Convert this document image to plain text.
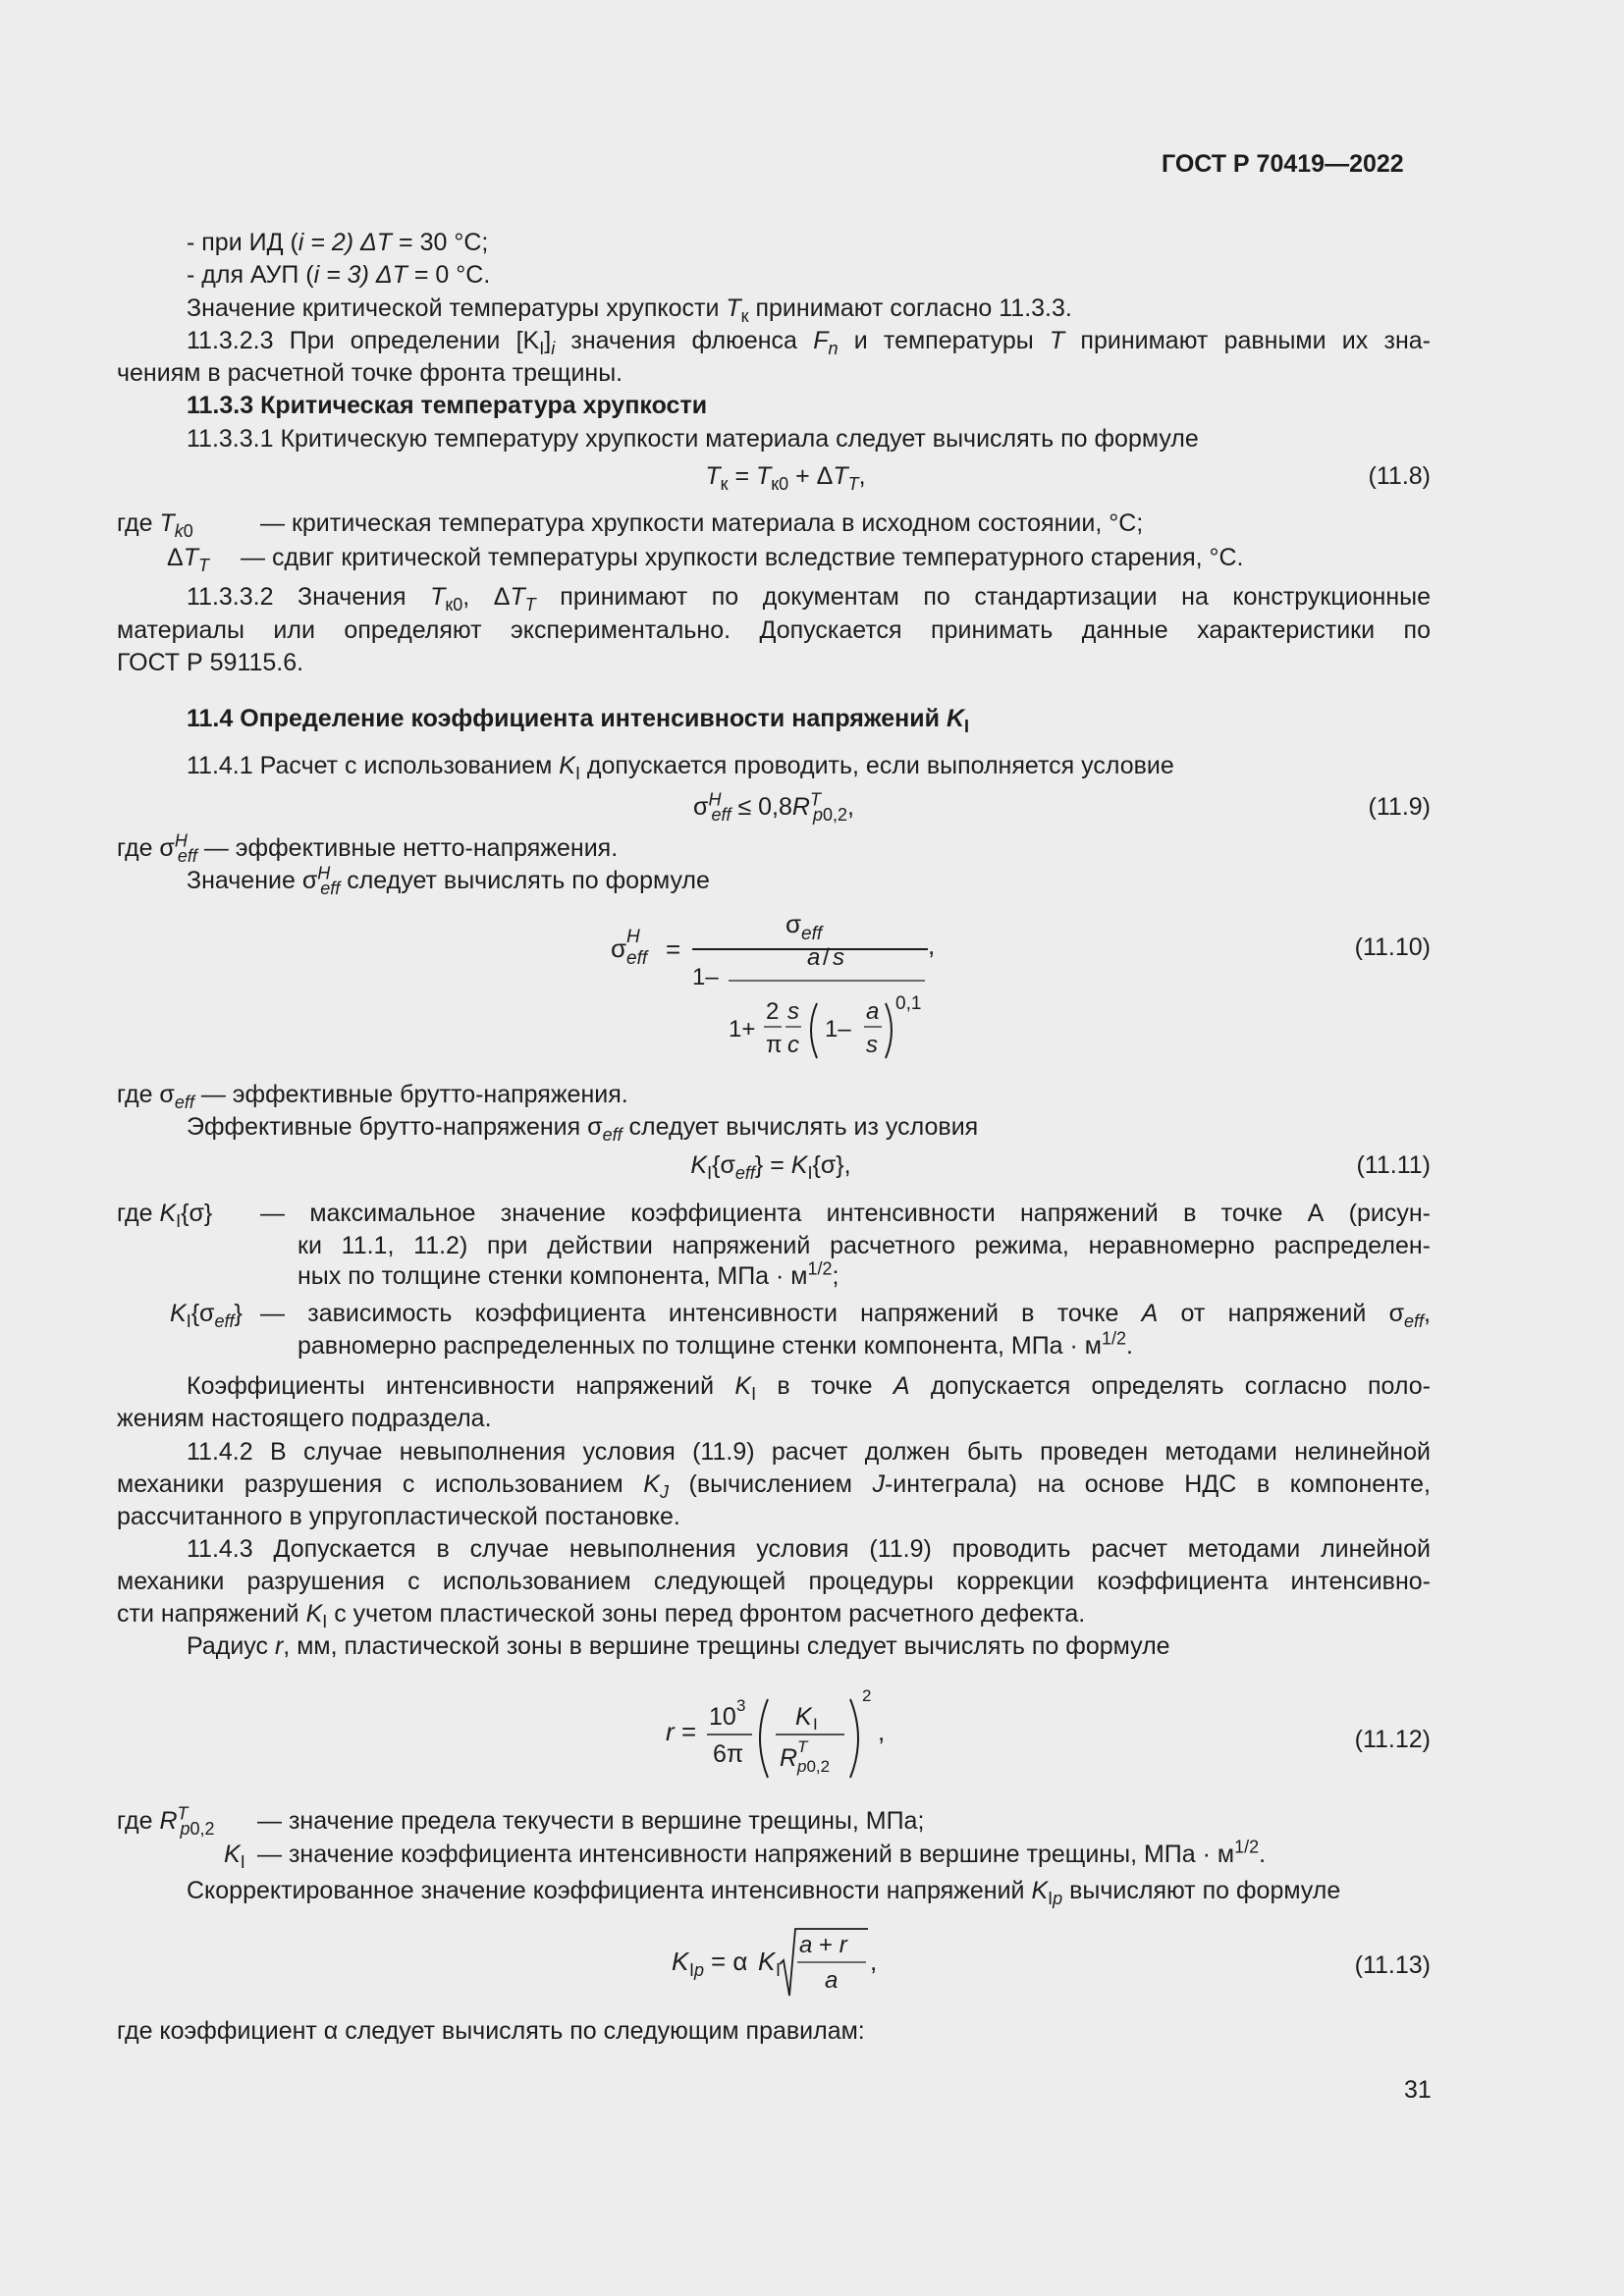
ГОСТ Р 70419—2022
- при ИД (i = 2) ΔT = 30 °С;
- для АУП (i = 3) ΔT = 0 °С.
Значение критической температуры хрупкости $T_к$ принимают согласно 11.3.3.
11.3.2.3 При определении $[K_I]_i$ значения флюенса $F_n$ и температуры T принимают равными их зна-
чениям в расчетной точке фронта трещины.
11.3.3 Критическая температура хрупкости
11.3.3.1 Критическую температуру хрупкости материала следует вычислять по формуле
$T_к = T_{к0} + \Delta T_T$,	(11.8)
где $T_{k0}$	— критическая температура хрупкости материала в исходном состоянии, °С;
$\Delta T_T$ — сдвиг критической температуры хрупкости вследствие температурного старения, °С.
11.3.3.2 Значения $T_{к0}$, $\Delta T_T$ принимают по документам по стандартизации на конструкционные
материалы или определяют экспериментально. Допускается принимать данные характеристики по
ГОСТ Р 59115.6.
11.4 Определение коэффициента интенсивности напряжений $K_I$
11.4.1 Расчет с использованием $K_I$ допускается проводить, если выполняется условие
$\sigma^H_{eff} \le 0,8R^T_{p0,2}$,	(11.9)
где $\sigma^H_{eff}$ — эффективные нетто-напряжения.
Значение $\sigma^H_{eff}$ следует вычислять по формуле
σ H
eff =
σ eff	,
1–
a / s
1+
2
π
s
c
1–
a
s
0,1
(11.10)
где $\sigma_{eff}$ — эффективные брутто-напряжения.
Эффективные брутто-напряжения $\sigma_{eff}$ следует вычислять из условия
$K_I\{\sigma_{eff}\} = K_I\{\sigma\}$,	(11.11)
где $K_I\{\sigma\}$ — максимальное значение коэффициента интенсивности напряжений в точке А (рисун-
ки 11.1, 11.2) при действии напряжений расчетного режима, неравномерно распределен-
ных по толщине стенки компонента, МПа · $м^{1/2}$;
$K_I\{\sigma_{eff}\}$ — зависимость коэффициента интенсивности напряжений в точке A от напряжений $\sigma_{eff}$,
равномерно распределенных по толщине стенки компонента, МПа · $м^{1/2}$.
Коэффициенты интенсивности напряжений $K_I$ в точке A допускается определять согласно поло-
жениям настоящего подраздела.
11.4.2 В случае невыполнения условия (11.9) расчет должен быть проведен методами нелинейной
механики разрушения с использованием $K_J$ (вычислением J-интеграла) на основе НДС в компоненте,
рассчитанного в упругопластической постановке.
11.4.3 Допускается в случае невыполнения условия (11.9) проводить расчет методами линейной
механики разрушения с использованием следующей процедуры коррекции коэффициента интенсивно-
сти напряжений $K_I$ с учетом пластической зоны перед фронтом расчетного дефекта.
Радиус r, мм, пластической зоны в вершине трещины следует вычислять по формуле
r = 10 3
6π
K I
R T
p0,2
2
,	(11.12)
где $R^T_{p0,2}$ — значение предела текучести в вершине трещины, МПа;
$K_I$ — значение коэффициента интенсивности напряжений в вершине трещины, МПа · $м^{1/2}$.
Скорректированное значение коэффициента интенсивности напряжений $K_{Ip}$ вычисляют по формуле
K Ip = α K I
a + r
a
,	(11.13)
где коэффициент α следует вычислять по следующим правилам:
31
